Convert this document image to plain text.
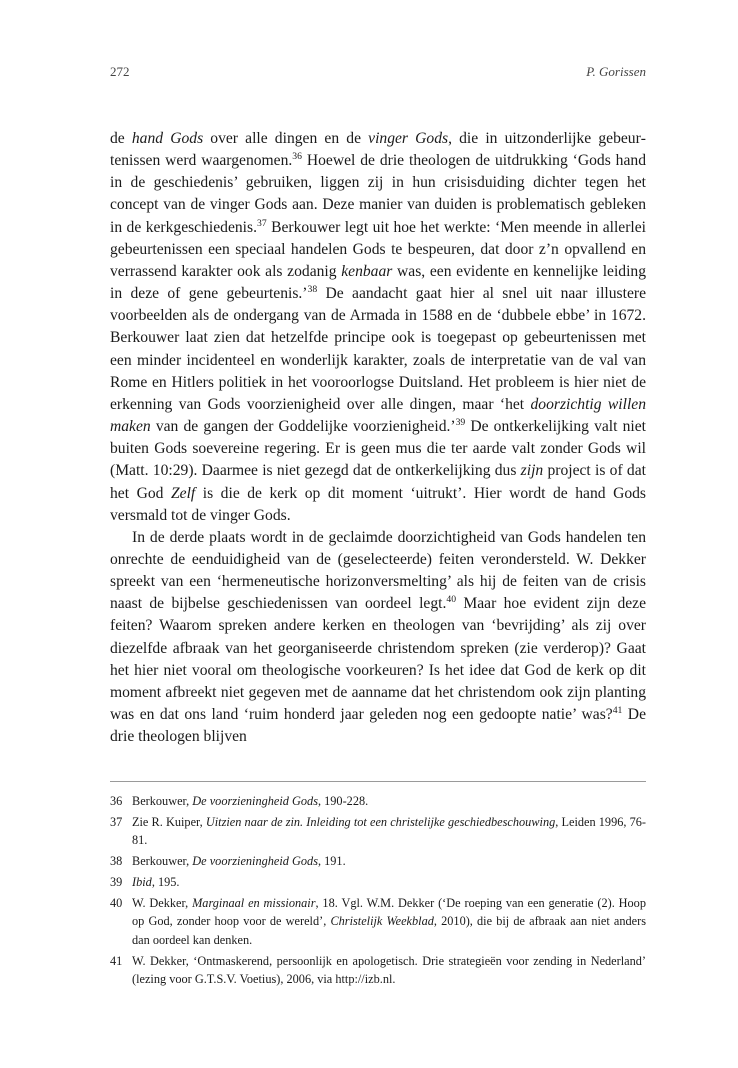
272	P. Gorissen

de hand Gods over alle dingen en de vinger Gods, die in uitzonderlijke gebeurtenissen werd waargenomen.$^{36}$ Hoewel de drie theologen de uitdrukking ‘Gods hand in de geschiedenis’ gebruiken, liggen zij in hun crisisduiding dichter tegen het concept van de vinger Gods aan. Deze manier van duiden is problematisch gebleken in de kerkgeschiedenis.$^{37}$ Berkouwer legt uit hoe het werkte: ‘Men meende in allerlei gebeurtenissen een speciaal handelen Gods te bespeuren, dat door z’n opvallend en verrassend karakter ook als zodanig kenbaar was, een evidente en kennelijke leiding in deze of gene gebeurtenis.’$^{38}$ De aandacht gaat hier al snel uit naar illustere voorbeelden als de ondergang van de Armada in 1588 en de ‘dubbele ebbe’ in 1672. Berkouwer laat zien dat hetzelfde principe ook is toegepast op gebeurtenissen met een minder incidenteel en wonderlijk karakter, zoals de interpretatie van de val van Rome en Hitlers politiek in het vooroorlogse Duitsland. Het probleem is hier niet de erkenning van Gods voorzienigheid over alle dingen, maar ‘het doorzichtig willen maken van de gangen der Goddelijke voorzienigheid.’$^{39}$ De ontkerkelijking valt niet buiten Gods soevereine regering. Er is geen mus die ter aarde valt zonder Gods wil (Matt. 10:29). Daarmee is niet gezegd dat de ontkerkelijking dus zijn project is of dat het God Zelf is die de kerk op dit moment ‘uitrukt’. Hier wordt de hand Gods versmald tot de vinger Gods.

In de derde plaats wordt in de geclaimde doorzichtigheid van Gods handelen ten onrechte de eenduidigheid van de (geselecteerde) feiten verondersteld. W. Dekker spreekt van een ‘hermeneutische horizonversmelting’ als hij de feiten van de crisis naast de bijbelse geschiedenissen van oordeel legt.$^{40}$ Maar hoe evident zijn deze feiten? Waarom spreken andere kerken en theologen van ‘bevrijding’ als zij over diezelfde afbraak van het georganiseerde christendom spreken (zie verderop)? Gaat het hier niet vooral om theologische voorkeuren? Is het idee dat God de kerk op dit moment afbreekt niet gegeven met de aanname dat het christendom ook zijn planting was en dat ons land ‘ruim honderd jaar geleden nog een gedoopte natie’ was?$^{41}$ De drie theologen blijven

36 Berkouwer, De voorzieningheid Gods, 190-228.
37 Zie R. Kuiper, Uitzien naar de zin. Inleiding tot een christelijke geschiedbeschouwing, Leiden 1996, 76-81.
38 Berkouwer, De voorzieningheid Gods, 191.
39 Ibid, 195.
40 W. Dekker, Marginaal en missionair, 18. Vgl. W.M. Dekker (‘De roeping van een generatie (2). Hoop op God, zonder hoop voor de wereld’, Christelijk Weekblad, 2010), die bij de afbraak aan niet anders dan oordeel kan denken.
41 W. Dekker, ‘Ontmaskerend, persoonlijk en apologetisch. Drie strategieën voor zending in Nederland’ (lezing voor G.T.S.V. Voetius), 2006, via http://izb.nl.
